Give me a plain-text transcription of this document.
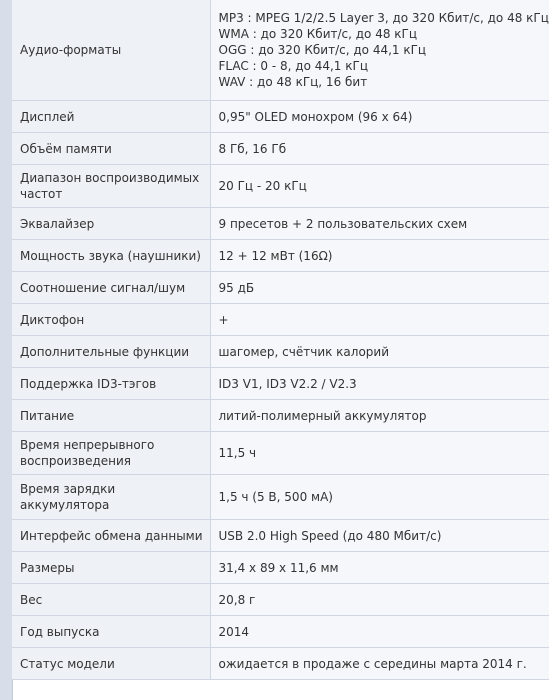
Аудио-форматы	MP3 : MPEG 1/2/2.5 Layer 3, до 320 Кбит/с, до 48 кГц
WMA : до 320 Кбит/с, до 48 кГц
OGG : до 320 Кбит/с, до 44,1 кГц
FLAC : 0 - 8, до 44,1 кГц
WAV : до 48 кГц, 16 бит

Дисплей	0,95" OLED монохром (96 x 64)
Объём памяти	8 Гб, 16 Гб
Диапазон воспроизводимых частот	20 Гц - 20 кГц
Эквалайзер	9 пресетов + 2 пользовательских схем
Мощность звука (наушники)	12 + 12 мВт (16Ω)
Соотношение сигнал/шум	95 дБ
Диктофон	+
Дополнительные функции	шагомер, счётчик калорий
Поддержка ID3-тэгов	ID3 V1, ID3 V2.2 / V2.3
Питание	литий-полимерный аккумулятор
Время непрерывного воспроизведения	11,5 ч
Время зарядки аккумулятора	1,5 ч (5 В, 500 мА)
Интерфейс обмена данными	USB 2.0 High Speed (до 480 Мбит/с)
Размеры	31,4 x 89 x 11,6 мм
Вес	20,8 г
Год выпуска	2014
Статус модели	ожидается в продаже с середины марта 2014 г.
